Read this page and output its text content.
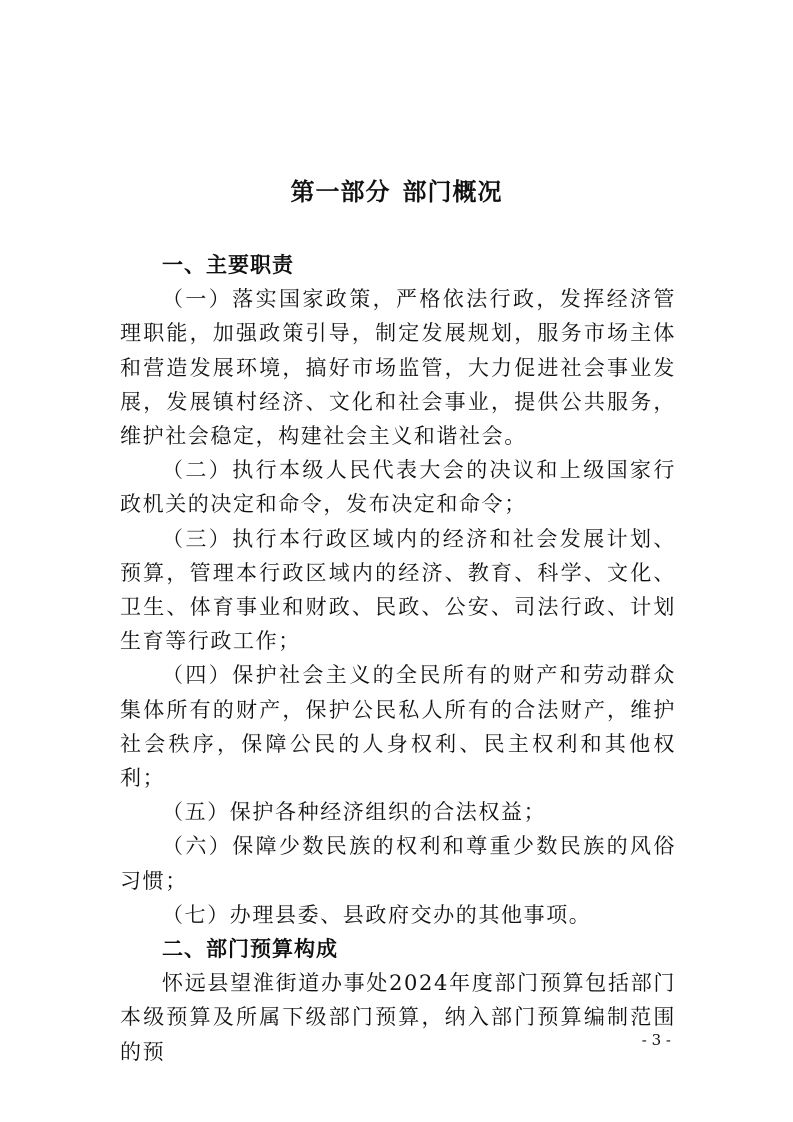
第一部分 部门概况
一、主要职责

（一）落实国家政策，严格依法行政，发挥经济管理职能，加强政策引导，制定发展规划，服务市场主体和营造发展环境，搞好市场监管，大力促进社会事业发展，发展镇村经济、文化和社会事业，提供公共服务，维护社会稳定，构建社会主义和谐社会。

（二）执行本级人民代表大会的决议和上级国家行政机关的决定和命令，发布决定和命令；

（三）执行本行政区域内的经济和社会发展计划、预算，管理本行政区域内的经济、教育、科学、文化、卫生、体育事业和财政、民政、公安、司法行政、计划生育等行政工作；

（四）保护社会主义的全民所有的财产和劳动群众集体所有的财产，保护公民私人所有的合法财产，维护社会秩序，保障公民的人身权利、民主权利和其他权利；

（五）保护各种经济组织的合法权益；

（六）保障少数民族的权利和尊重少数民族的风俗习惯；

（七）办理县委、县政府交办的其他事项。

二、部门预算构成

怀远县望淮街道办事处2024年度部门预算包括部门本级预算及所属下级部门预算，纳入部门预算编制范围的预	- 3 -
